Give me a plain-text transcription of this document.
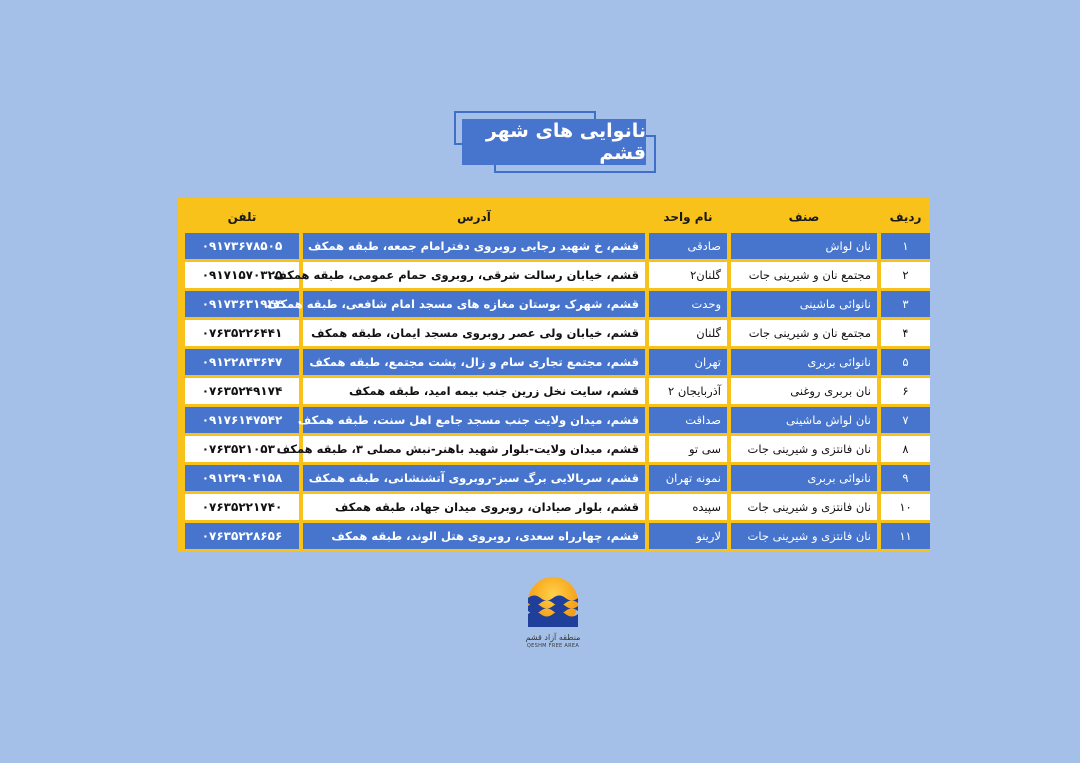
نانوایی های شهر قشم
ردیف	صنف	نام واحد	آدرس	تلفن
۱	نان لواش	صادقی	قشم، خ شهید رجایی روبروی دفترامام جمعه، طبقه همکف	۰۹۱۷۳۶۷۸۵۰۵
۲	مجتمع نان و شیرینی جات	گلنان۲	قشم، خیابان رسالت شرقی، روبروی حمام عمومی، طبقه همکف	۰۹۱۷۱۵۷۰۳۲۵
۳	نانوائی ماشینی	وحدت	قشم، شهرک بوستان مغازه های مسجد امام شافعی، طبقه همکف	۰۹۱۷۳۶۳۱۹۴۴
۴	مجتمع نان و شیرینی جات	گلنان	قشم، خیابان ولی عصر روبروی مسجد ایمان، طبقه همکف	۰۷۶۳۵۲۲۶۴۴۱
۵	نانوائی بربری	تهران	قشم، مجتمع تجاری سام و زال، پشت مجتمع، طبقه همکف	۰۹۱۲۲۸۴۳۶۴۷
۶	نان بربری روغنی	آذربایجان ۲	قشم، سایت نخل زرین جنب بیمه امید، طبقه همکف	۰۷۶۳۵۲۴۹۱۷۴
۷	نان لواش ماشینی	صداقت	قشم، میدان ولایت جنب مسجد جامع اهل سنت، طبقه همکف	۰۹۱۷۶۱۴۷۵۴۲
۸	نان فانتزی و شیرینی جات	سی تو	قشم، میدان ولایت-بلوار شهید باهنر-نبش مصلی ۳، طبقه همکف	۰۷۶۳۵۲۱۰۵۳۰
۹	نانوائی بربری	نمونه تهران	قشم، سربالایی برگ سبز-روبروی آتشنشانی، طبقه همکف	۰۹۱۲۲۹۰۴۱۵۸
۱۰	نان فانتزی و شیرینی جات	سپیده	قشم، بلوار صیادان، روبروی میدان جهاد، طبقه همکف	۰۷۶۳۵۲۲۱۷۴۰
۱۱	نان فانتزی و شیرینی جات	لارینو	قشم، چهارراه سعدی، روبروی هتل الوند، طبقه همکف	۰۷۶۳۵۲۲۸۶۵۶
منطقه آزاد قشم
QESHM FREE AREA
